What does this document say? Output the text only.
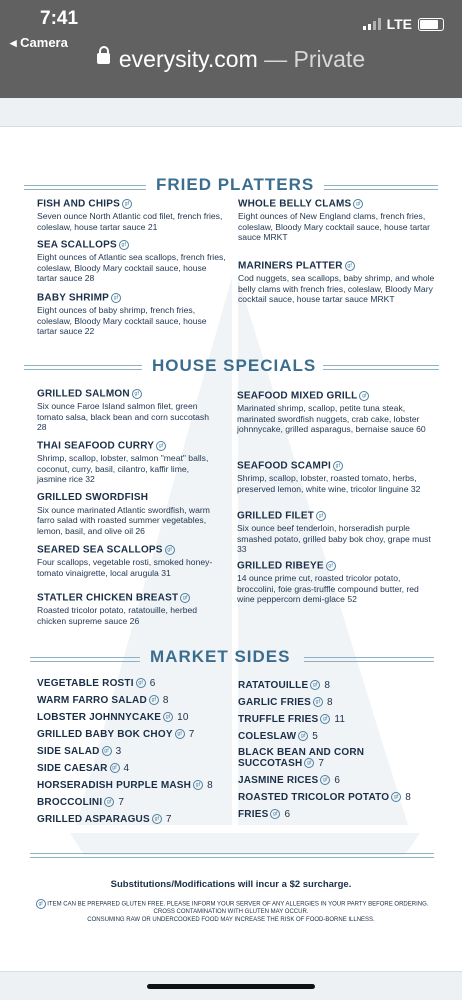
7:41
◂ Camera
LTE
everysity.com — Private
FRIED PLATTERS
FISH AND CHIPS gf
Seven ounce North Atlantic cod filet, french fries, coleslaw, house tartar sauce 21
SEA SCALLOPS gf
Eight ounces of Atlantic sea scallops, french fries, coleslaw, Bloody Mary cocktail sauce, house tartar sauce 28
BABY SHRIMP gf
Eight ounces of baby shrimp, french fries, coleslaw, Bloody Mary cocktail sauce, house tartar sauce 22
WHOLE BELLY CLAMS gf
Eight ounces of New England clams, french fries, coleslaw, Bloody Mary cocktail sauce, house tartar sauce MRKT
MARINERS PLATTER gf
Cod nuggets, sea scallops, baby shrimp, and whole belly clams with french fries, coleslaw, Bloody Mary cocktail sauce, house tartar sauce MRKT
HOUSE SPECIALS
GRILLED SALMON gf
Six ounce Faroe Island salmon filet, green tomato salsa, black bean and corn succotash 28
THAI SEAFOOD CURRY gf
Shrimp, scallop, lobster, salmon "meat" balls, coconut, curry, basil, cilantro, kaffir lime, jasmine rice 32
GRILLED SWORDFISH
Six ounce marinated Atlantic swordfish, warm farro salad with roasted summer vegetables, lemon, basil, and olive oil 26
SEARED SEA SCALLOPS gf
Four scallops, vegetable rosti, smoked honey-tomato vinaigrette, local arugula 31
STATLER CHICKEN BREAST gf
Roasted tricolor potato, ratatouille, herbed chicken supreme sauce 26
SEAFOOD MIXED GRILL gf
Marinated shrimp, scallop, petite tuna steak, marinated swordfish nuggets, crab cake, lobster johnnycake, grilled asparagus, bernaise sauce 60
SEAFOOD SCAMPI gf
Shrimp, scallop, lobster, roasted tomato, herbs, preserved lemon, white wine, tricolor linguine 32
GRILLED FILET gf
Six ounce beef tenderloin, horseradish purple smashed potato, grilled baby bok choy, grape must 33
GRILLED RIBEYE gf
14 ounce prime cut, roasted tricolor potato, broccolini, foie gras-truffle compound butter, red wine peppercorn demi-glace 52
MARKET SIDES
VEGETABLE ROSTI gf 6
WARM FARRO SALAD gf 8
LOBSTER JOHNNYCAKE gf 10
GRILLED BABY BOK CHOY gf 7
SIDE SALAD gf 3
SIDE CAESAR gf 4
HORSERADISH PURPLE MASH gf 8
BROCCOLINI gf 7
GRILLED ASPARAGUS gf 7
RATATOUILLE gf 8
GARLIC FRIES gf 8
TRUFFLE FRIES gf 11
COLESLAW gf 5
BLACK BEAN AND CORN SUCCOTASH gf 7
JASMINE RICES gf 6
ROASTED TRICOLOR POTATO gf 8
FRIES gf 6
Substitutions/Modifications will incur a $2 surcharge.
gf ITEM CAN BE PREPARED GLUTEN FREE. PLEASE INFORM YOUR SERVER OF ANY ALLERGIES IN YOUR PARTY BEFORE ORDERING.
CROSS CONTAMINATION WITH GLUTEN MAY OCCUR.
CONSUMING RAW OR UNDERCOOKED FOOD MAY INCREASE THE RISK OF FOOD-BORNE ILLNESS.
